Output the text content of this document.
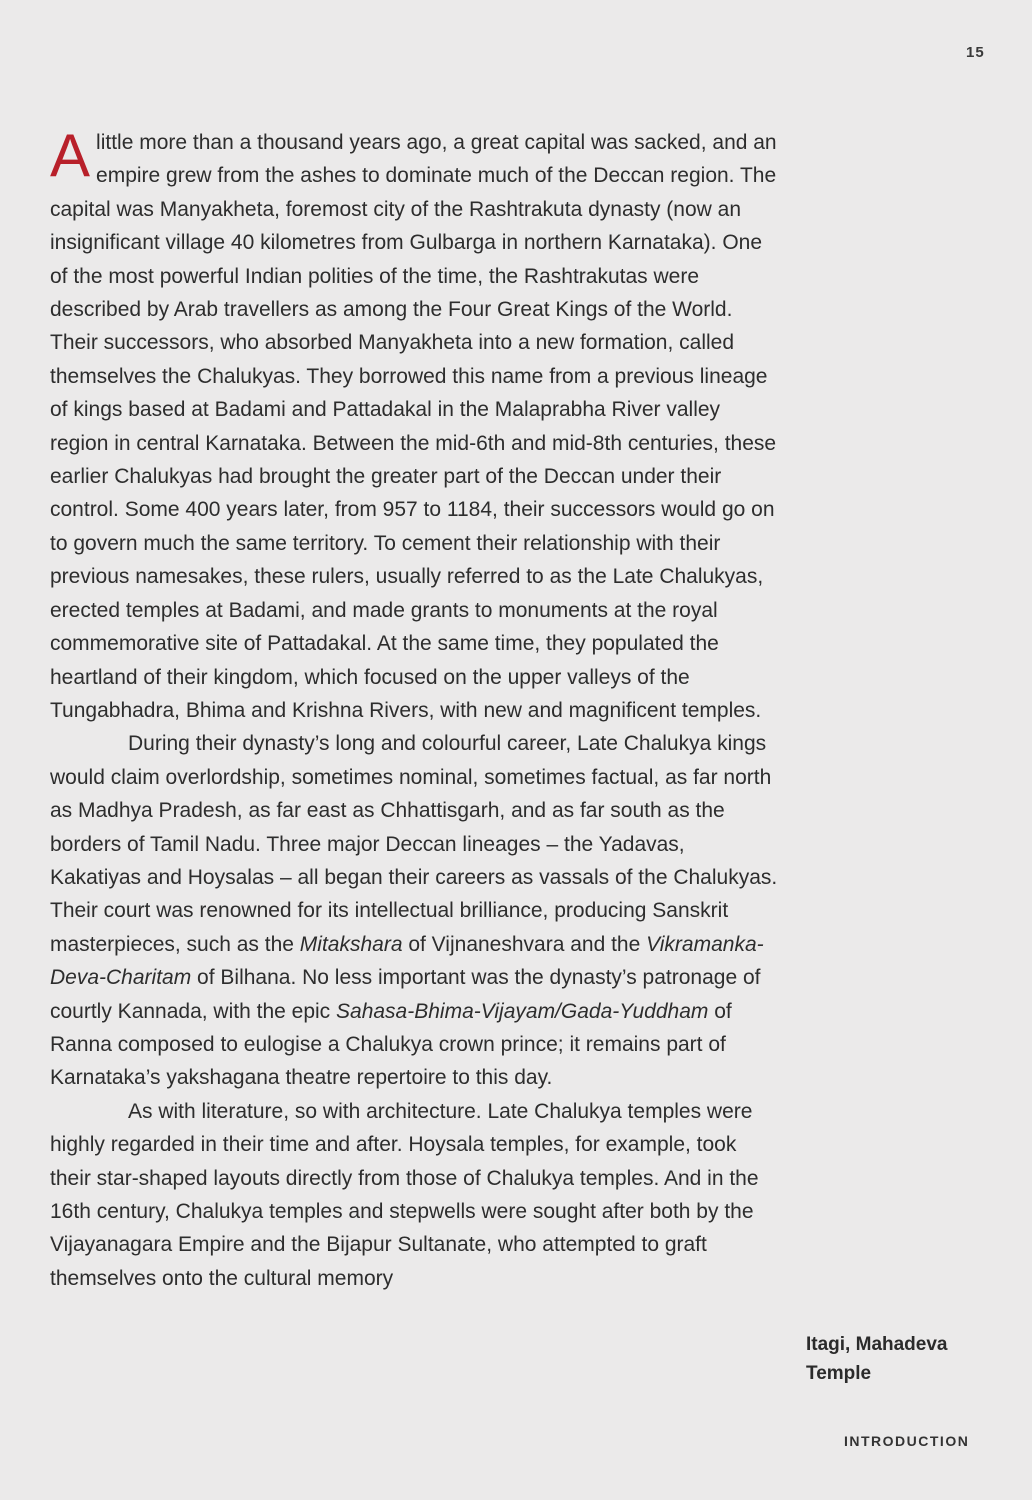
15

A little more than a thousand years ago, a great capital was sacked, and an empire grew from the ashes to dominate much of the Deccan region. The capital was Manyakheta, foremost city of the Rashtrakuta dynasty (now an insignificant village 40 kilometres from Gulbarga in northern Karnataka). One of the most powerful Indian polities of the time, the Rashtrakutas were described by Arab travellers as among the Four Great Kings of the World. Their successors, who absorbed Manyakheta into a new formation, called themselves the Chalukyas. They borrowed this name from a previous lineage of kings based at Badami and Pattadakal in the Malaprabha River valley region in central Karnataka. Between the mid-6th and mid-8th centuries, these earlier Chalukyas had brought the greater part of the Deccan under their control. Some 400 years later, from 957 to 1184, their successors would go on to govern much the same territory. To cement their relationship with their previous namesakes, these rulers, usually referred to as the Late Chalukyas, erected temples at Badami, and made grants to monuments at the royal commemorative site of Pattadakal. At the same time, they populated the heartland of their kingdom, which focused on the upper valleys of the Tungabhadra, Bhima and Krishna Rivers, with new and magnificent temples.

During their dynasty’s long and colourful career, Late Chalukya kings would claim overlordship, sometimes nominal, sometimes factual, as far north as Madhya Pradesh, as far east as Chhattisgarh, and as far south as the borders of Tamil Nadu. Three major Deccan lineages – the Yadavas, Kakatiyas and Hoysalas – all began their careers as vassals of the Chalukyas. Their court was renowned for its intellectual brilliance, producing Sanskrit masterpieces, such as the Mitakshara of Vijnaneshvara and the Vikramanka-Deva-Charitam of Bilhana. No less important was the dynasty’s patronage of courtly Kannada, with the epic Sahasa-Bhima-Vijayam/Gada-Yuddham of Ranna composed to eulogise a Chalukya crown prince; it remains part of Karnataka’s yakshagana theatre repertoire to this day.

As with literature, so with architecture. Late Chalukya temples were highly regarded in their time and after. Hoysala temples, for example, took their star-shaped layouts directly from those of Chalukya temples. And in the 16th century, Chalukya temples and stepwells were sought after both by the Vijayanagara Empire and the Bijapur Sultanate, who attempted to graft themselves onto the cultural memory

Itagi, Mahadeva
Temple
INTRODUCTION
